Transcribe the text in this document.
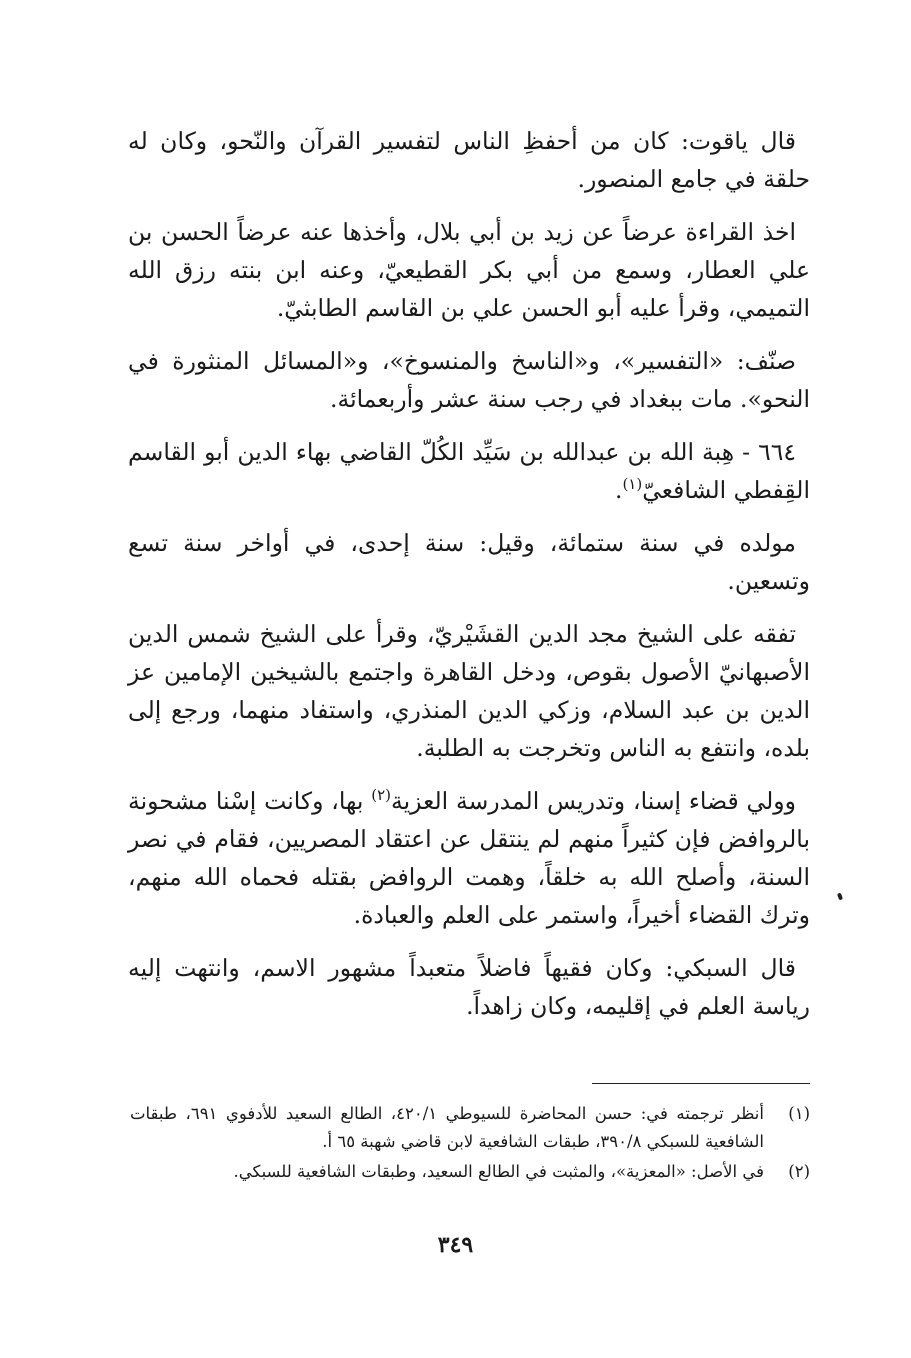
قال ياقوت: كان من أحفظِ الناس لتفسير القرآن والنّحو، وكان له حلقة في جامع المنصور.

اخذ القراءة عرضاً عن زيد بن أبي بلال، وأخذها عنه عرضاً الحسن بن علي العطار، وسمع من أبي بكر القطيعيّ، وعنه ابن بنته رزق الله التميمي، وقرأ عليه أبو الحسن علي بن القاسم الطابثيّ.

صنّف: «التفسير»، و«الناسخ والمنسوخ»، و«المسائل المنثورة في النحو». مات ببغداد في رجب سنة عشر وأربعمائة.

٦٦٤ - هِبة الله بن عبدالله بن سَيِّد الكُلّ القاضي بهاء الدين أبو القاسم القِفطي الشافعيّ$^{(١)}$.

مولده في سنة ستمائة، وقيل: سنة إحدى، في أواخر سنة تسع وتسعين.

تفقه على الشيخ مجد الدين القشَيْريّ، وقرأ على الشيخ شمس الدين الأصبهانيّ الأصول بقوص، ودخل القاهرة واجتمع بالشيخين الإمامين عز الدين بن عبد السلام، وزكي الدين المنذري، واستفاد منهما، ورجع إلى بلده، وانتفع به الناس وتخرجت به الطلبة.

وولي قضاء إسنا، وتدريس المدرسة العزية$^{(٢)}$ بها، وكانت إسْنا مشحونة بالروافض فإن كثيراً منهم لم ينتقل عن اعتقاد المصريين، فقام في نصر السنة، وأصلح الله به خلقاً، وهمت الروافض بقتله فحماه الله منهم، وترك القضاء أخيراً، واستمر على العلم والعبادة.

قال السبكي: وكان فقيهاً فاضلاً متعبداً مشهور الاسم، وانتهت إليه رياسة العلم في إقليمه، وكان زاهداً.

(١)
أنظر ترجمته في: حسن المحاضرة للسيوطي ٤٢٠/١، الطالع السعيد للأدفوي ٦٩١، طبقات الشافعية للسبكي ٣٩٠/٨، طبقات الشافعية لابن قاضي شهبة ٦٥ أ.
(٢)
في الأصل: «المعزية»، والمثبت في الطالع السعيد، وطبقات الشافعية للسبكي.
٣٤٩
